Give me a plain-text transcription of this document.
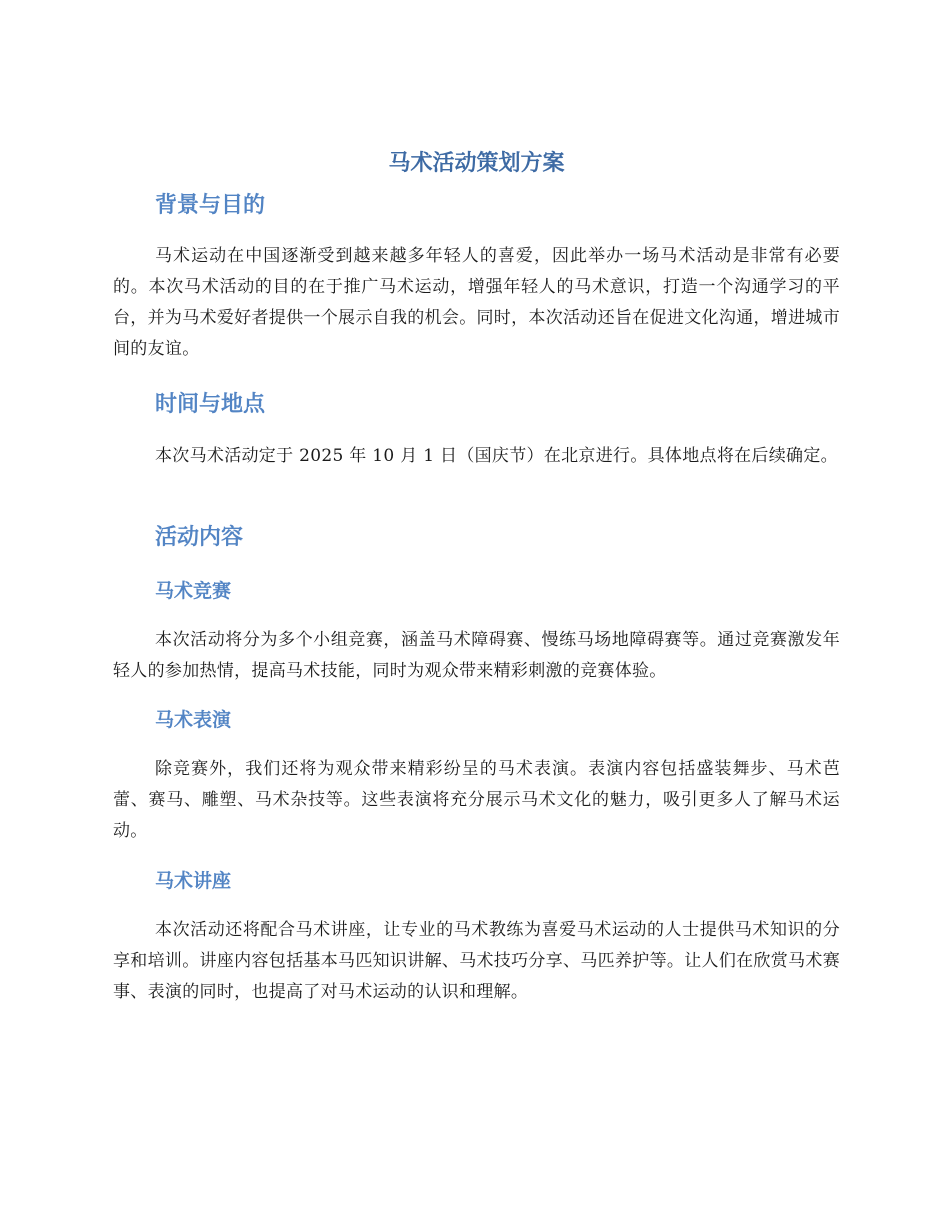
马术活动策划方案
背景与目的

马术运动在中国逐渐受到越来越多年轻人的喜爱，因此举办一场马术活动是非常有必要的。本次马术活动的目的在于推广马术运动，增强年轻人的马术意识，打造一个沟通学习的平台，并为马术爱好者提供一个展示自我的机会。同时，本次活动还旨在促进文化沟通，增进城市间的友谊。

时间与地点

本次马术活动定于 2025 年 10 月 1 日（国庆节）在北京进行。具体地点将在后续确定。

活动内容
马术竞赛

本次活动将分为多个小组竞赛，涵盖马术障碍赛、慢练马场地障碍赛等。通过竞赛激发年轻人的参加热情，提高马术技能，同时为观众带来精彩刺激的竞赛体验。

马术表演

除竞赛外，我们还将为观众带来精彩纷呈的马术表演。表演内容包括盛装舞步、马术芭蕾、赛马、雕塑、马术杂技等。这些表演将充分展示马术文化的魅力，吸引更多人了解马术运动。

马术讲座

本次活动还将配合马术讲座，让专业的马术教练为喜爱马术运动的人士提供马术知识的分享和培训。讲座内容包括基本马匹知识讲解、马术技巧分享、马匹养护等。让人们在欣赏马术赛事、表演的同时，也提高了对马术运动的认识和理解。
